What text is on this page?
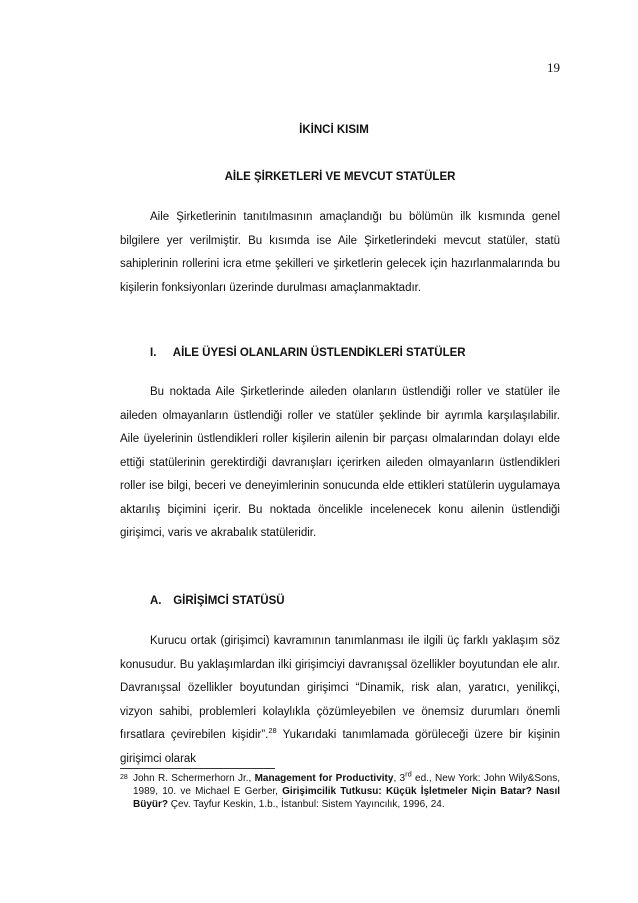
19
İKİNCİ KISIM
AİLE ŞİRKETLERİ VE MEVCUT STATÜLER

Aile Şirketlerinin tanıtılmasının amaçlandığı bu bölümün ilk kısmında genel bilgilere yer verilmiştir. Bu kısımda ise Aile Şirketlerindeki mevcut statüler, statü sahiplerinin rollerini icra etme şekilleri ve şirketlerin gelecek için hazırlanmalarında bu kişilerin fonksiyonları üzerinde durulması amaçlanmaktadır.

I. AİLE ÜYESİ OLANLARIN ÜSTLENDİKLERİ STATÜLER

Bu noktada Aile Şirketlerinde aileden olanların üstlendiği roller ve statüler ile aileden olmayanların üstlendiği roller ve statüler şeklinde bir ayrımla karşılaşılabilir. Aile üyelerinin üstlendikleri roller kişilerin ailenin bir parçası olmalarından dolayı elde ettiği statülerinin gerektirdiği davranışları içerirken aileden olmayanların üstlendikleri roller ise bilgi, beceri ve deneyimlerinin sonucunda elde ettikleri statülerin uygulamaya aktarılış biçimini içerir. Bu noktada öncelikle incelenecek konu ailenin üstlendiği girişimci, varis ve akrabalık statüleridir.

A. GİRİŞİMCİ STATÜSÜ

Kurucu ortak (girişimci) kavramının tanımlanması ile ilgili üç farklı yaklaşım söz konusudur. Bu yaklaşımlardan ilki girişimciyi davranışsal özellikler boyutundan ele alır. Davranışsal özellikler boyutundan girişimci “Dinamik, risk alan, yaratıcı, yenilikçi, vizyon sahibi, problemleri kolaylıkla çözümleyebilen ve önemsiz durumları önemli fırsatlara çevirebilen kişidir”.$^{28}$ Yukarıdaki tanımlamada görüleceği üzere bir kişinin girişimci olarak

28 John R. Schermerhorn Jr., Management for Productivity, 3rd ed., New York: John Wily&Sons, 1989, 10. ve Michael E Gerber, Girişimcilik Tutkusu: Küçük İşletmeler Niçin Batar? Nasıl Büyür? Çev. Tayfur Keskin, 1.b., İstanbul: Sistem Yayıncılık, 1996, 24.
